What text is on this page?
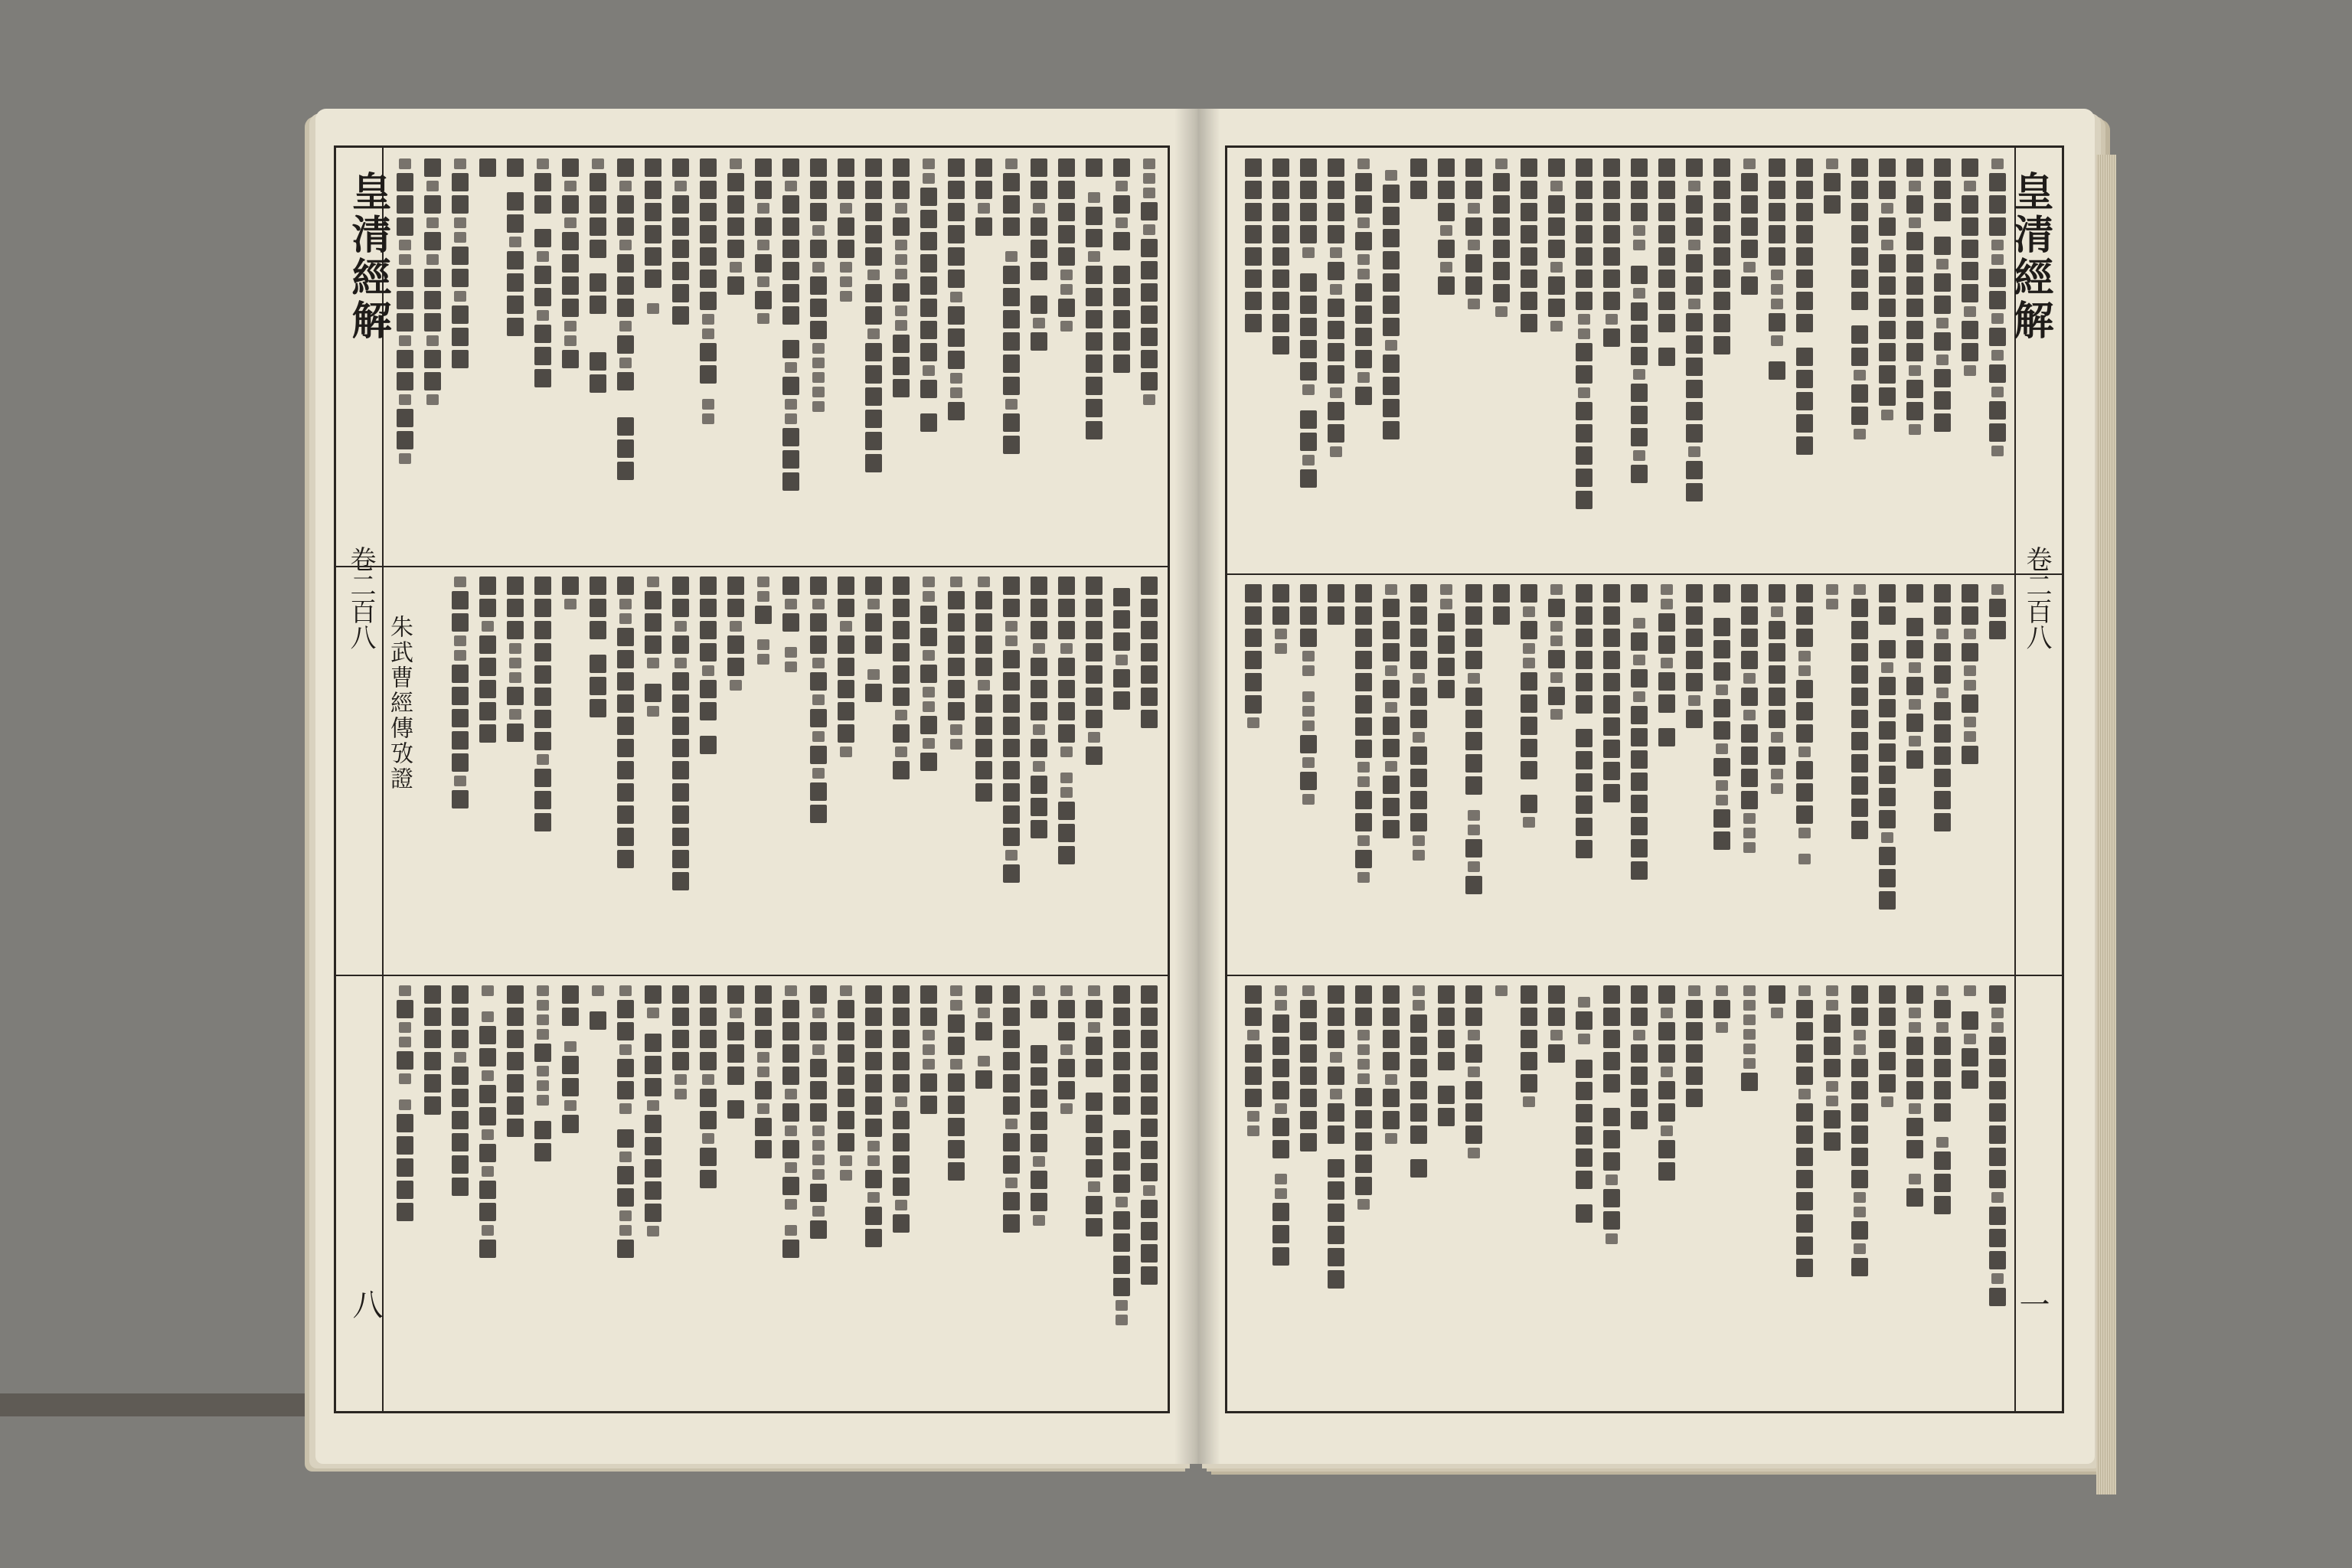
皇清經解
卷二百八
八
朱武曹經傳攷證
皇清經解
卷二百八
一
